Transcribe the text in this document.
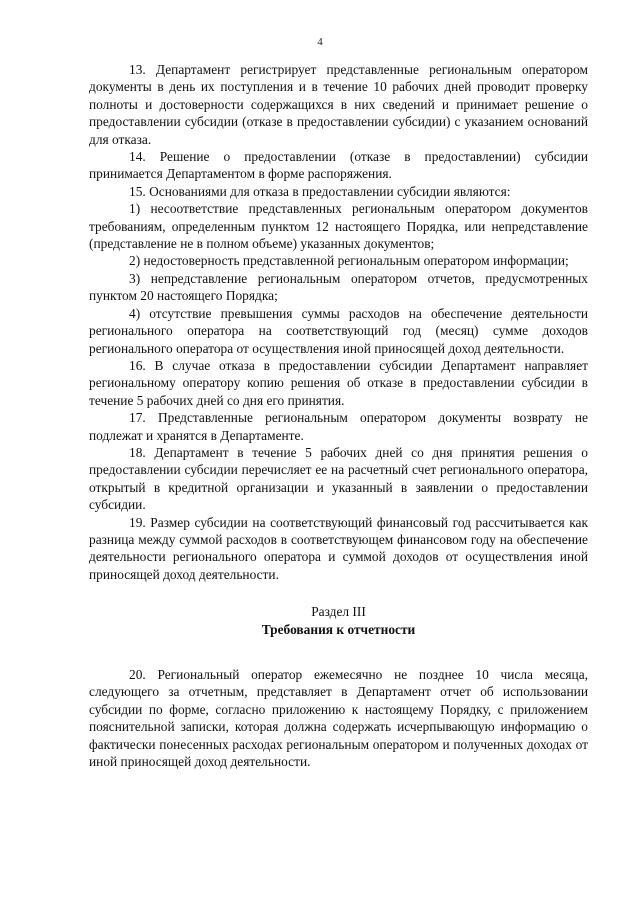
4

13. Департамент регистрирует представленные региональным оператором документы в день их поступления и в течение 10 рабочих дней проводит проверку полноты и достоверности содержащихся в них сведений и принимает решение о предоставлении субсидии (отказе в предоставлении субсидии) с указанием оснований для отказа.

14. Решение о предоставлении (отказе в предоставлении) субсидии принимается Департаментом в форме распоряжения.

15. Основаниями для отказа в предоставлении субсидии являются:

1) несоответствие представленных региональным оператором документов требованиям, определенным пунктом 12 настоящего Порядка, или непредставление (представление не в полном объеме) указанных документов;

2) недостоверность представленной региональным оператором информации;

3) непредставление региональным оператором отчетов, предусмотренных пунктом 20 настоящего Порядка;

4) отсутствие превышения суммы расходов на обеспечение деятельности регионального оператора на соответствующий год (месяц) сумме доходов регионального оператора от осуществления иной приносящей доход деятельности.

16. В случае отказа в предоставлении субсидии Департамент направляет региональному оператору копию решения об отказе в предоставлении субсидии в течение 5 рабочих дней со дня его принятия.

17. Представленные региональным оператором документы возврату не подлежат и хранятся в Департаменте.

18. Департамент в течение 5 рабочих дней со дня принятия решения о предоставлении субсидии перечисляет ее на расчетный счет регионального оператора, открытый в кредитной организации и указанный в заявлении о предоставлении субсидии.

19. Размер субсидии на соответствующий финансовый год рассчитывается как разница между суммой расходов в соответствующем финансовом году на обеспечение деятельности регионального оператора и суммой доходов от осуществления иной приносящей доход деятельности.

Раздел III
Требования к отчетности

20. Региональный оператор ежемесячно не позднее 10 числа месяца, следующего за отчетным, представляет в Департамент отчет об использовании субсидии по форме, согласно приложению к настоящему Порядку, с приложением пояснительной записки, которая должна содержать исчерпывающую информацию о фактически понесенных расходах региональным оператором и полученных доходах от иной приносящей доход деятельности.
